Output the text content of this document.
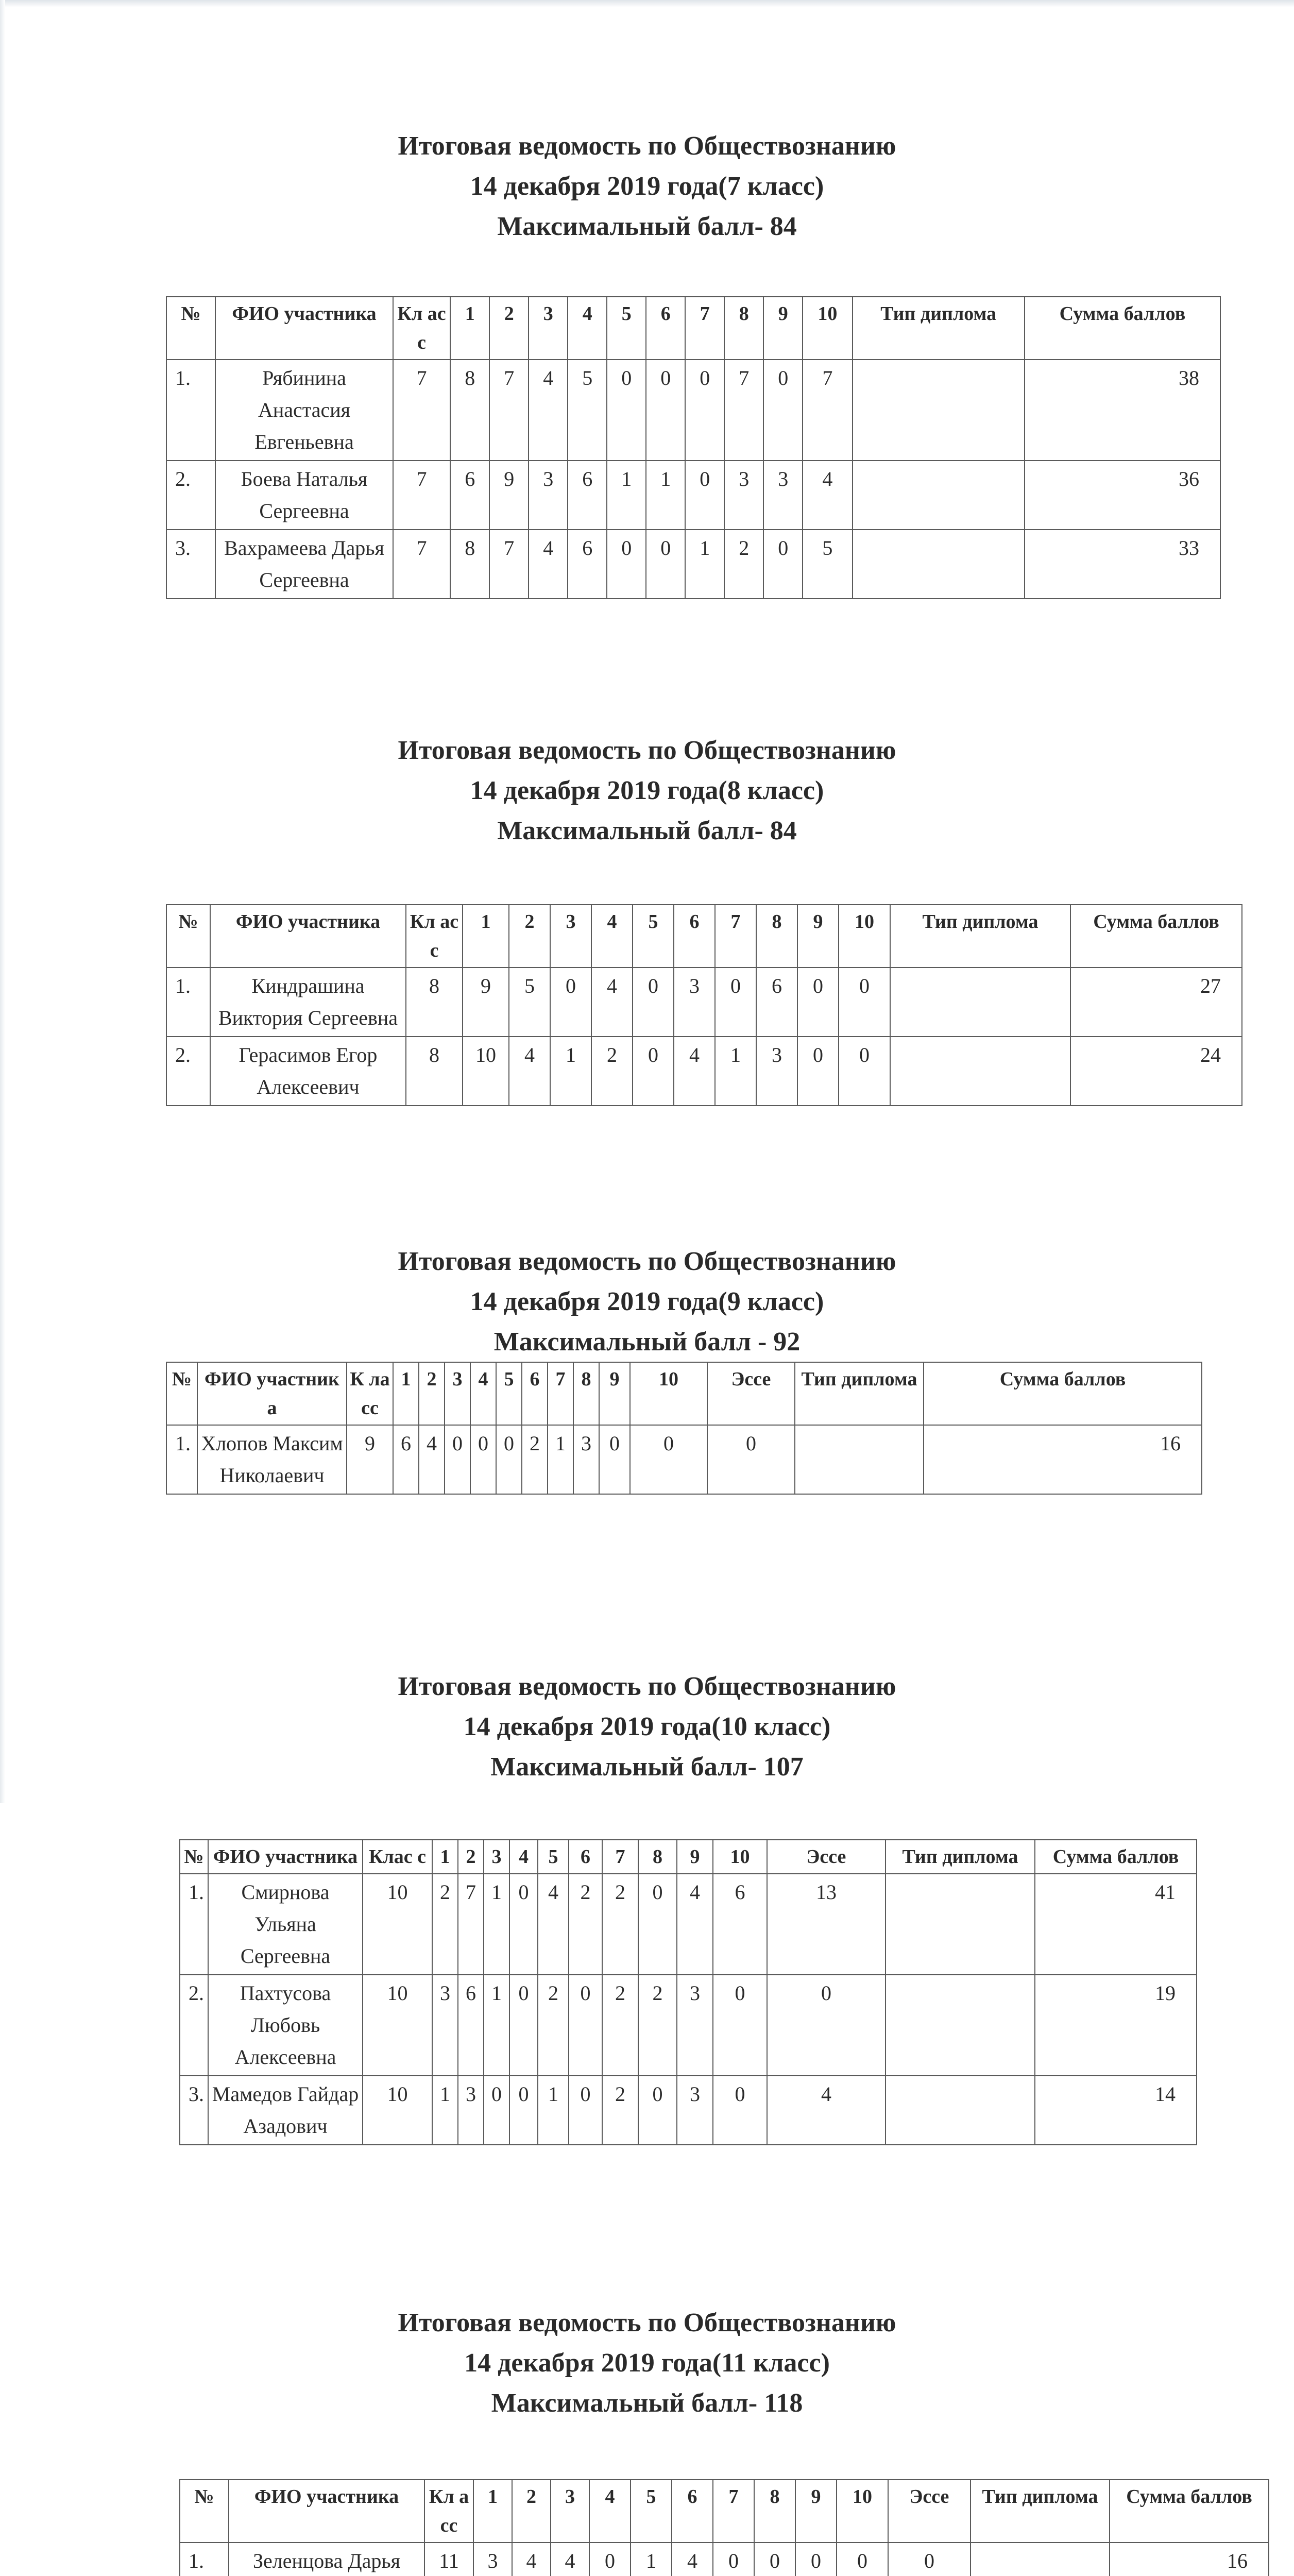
Итоговая ведомость по Обществознанию
14 декабря 2019 года(7 класс)
Максимальный балл- 84
№	ФИО участника	Кл асс	1	2	3	4	5	6	7	8	9	10	Тип диплома	Сумма баллов
1.	Рябинина Анастасия Евгеньевна	7	8	7	4	5	0	0	0	7	0	7		38
2.	Боева Наталья Сергеевна	7	6	9	3	6	1	1	0	3	3	4		36
3.	Вахрамеева Дарья Сергеевна	7	8	7	4	6	0	0	1	2	0	5		33
Итоговая ведомость по Обществознанию
14 декабря 2019 года(8 класс)
Максимальный балл- 84
№	ФИО участника	Кл асс	1	2	3	4	5	6	7	8	9	10	Тип диплома	Сумма баллов
1.	Киндрашина Виктория Сергеевна	8	9	5	0	4	0	3	0	6	0	0		27
2.	Герасимов Егор Алексеевич	8	10	4	1	2	0	4	1	3	0	0		24
Итоговая ведомость по Обществознанию
14 декабря 2019 года(9 класс)
Максимальный балл - 92
№	ФИО участника	К ла сс	1	2	3	4	5	6	7	8	9	10	Эссе	Тип диплома	Сумма баллов
1.	Хлопов Максим Николаевич	9	6	4	0	0	0	2	1	3	0	0	0		16
Итоговая ведомость по Обществознанию
14 декабря 2019 года(10 класс)
Максимальный балл- 107
№	ФИО участника	Клас с	1	2	3	4	5	6	7	8	9	10	Эссе	Тип диплома	Сумма баллов
1.	Смирнова Ульяна Сергеевна	10	2	7	1	0	4	2	2	0	4	6	13		41
2.	Пахтусова Любовь Алексеевна	10	3	6	1	0	2	0	2	2	3	0	0		19
3.	Мамедов Гайдар Азадович	10	1	3	0	0	1	0	2	0	3	0	4		14
Итоговая ведомость по Обществознанию
14 декабря 2019 года(11 класс)
Максимальный балл- 118
№	ФИО участника	Кл асс	1	2	3	4	5	6	7	8	9	10	Эссе	Тип диплома	Сумма баллов
1.	Зеленцова Дарья	11	3	4	4	0	1	4	0	0	0	0	0		16
